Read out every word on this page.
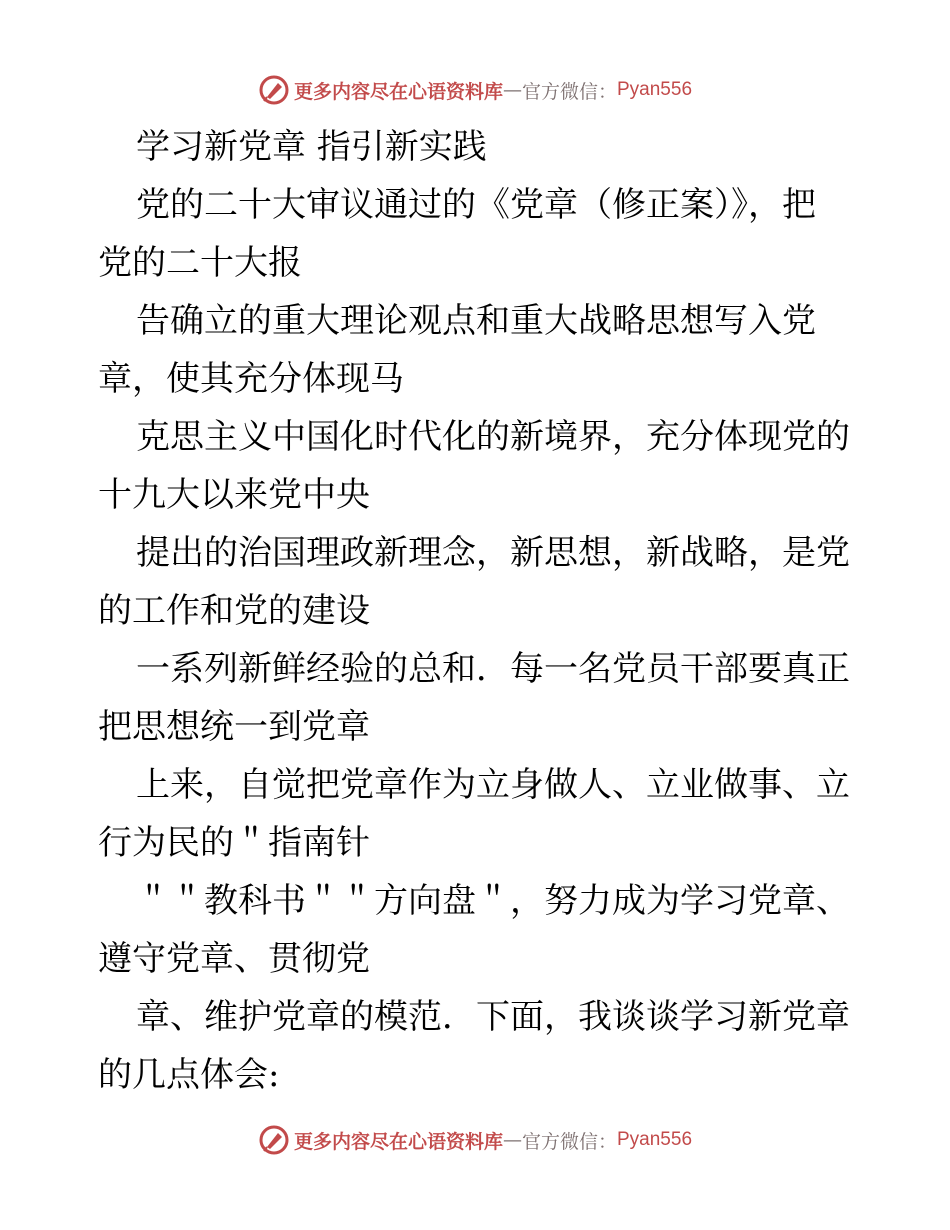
更多内容尽在心语资料库 — 官方微信： Pyan556
学习新党章 指引新实践
党的二十大审议通过的《党章（修正案）》，把
党的二十大报
告确立的重大理论观点和重大战略思想写入党
章，使其充分体现马
克思主义中国化时代化的新境界，充分体现党的
十九大以来党中央
提出的治国理政新理念，新思想，新战略，是党
的工作和党的建设
一系列新鲜经验的总和．每一名党员干部要真正
把思想统一到党章
上来，自觉把党章作为立身做人、立业做事、立
行为民的＂指南针
＂＂教科书＂＂方向盘＂，努力成为学习党章、
遵守党章、贯彻党
章、维护党章的模范．下面，我谈谈学习新党章
的几点体会:
更多内容尽在心语资料库 — 官方微信： Pyan556
